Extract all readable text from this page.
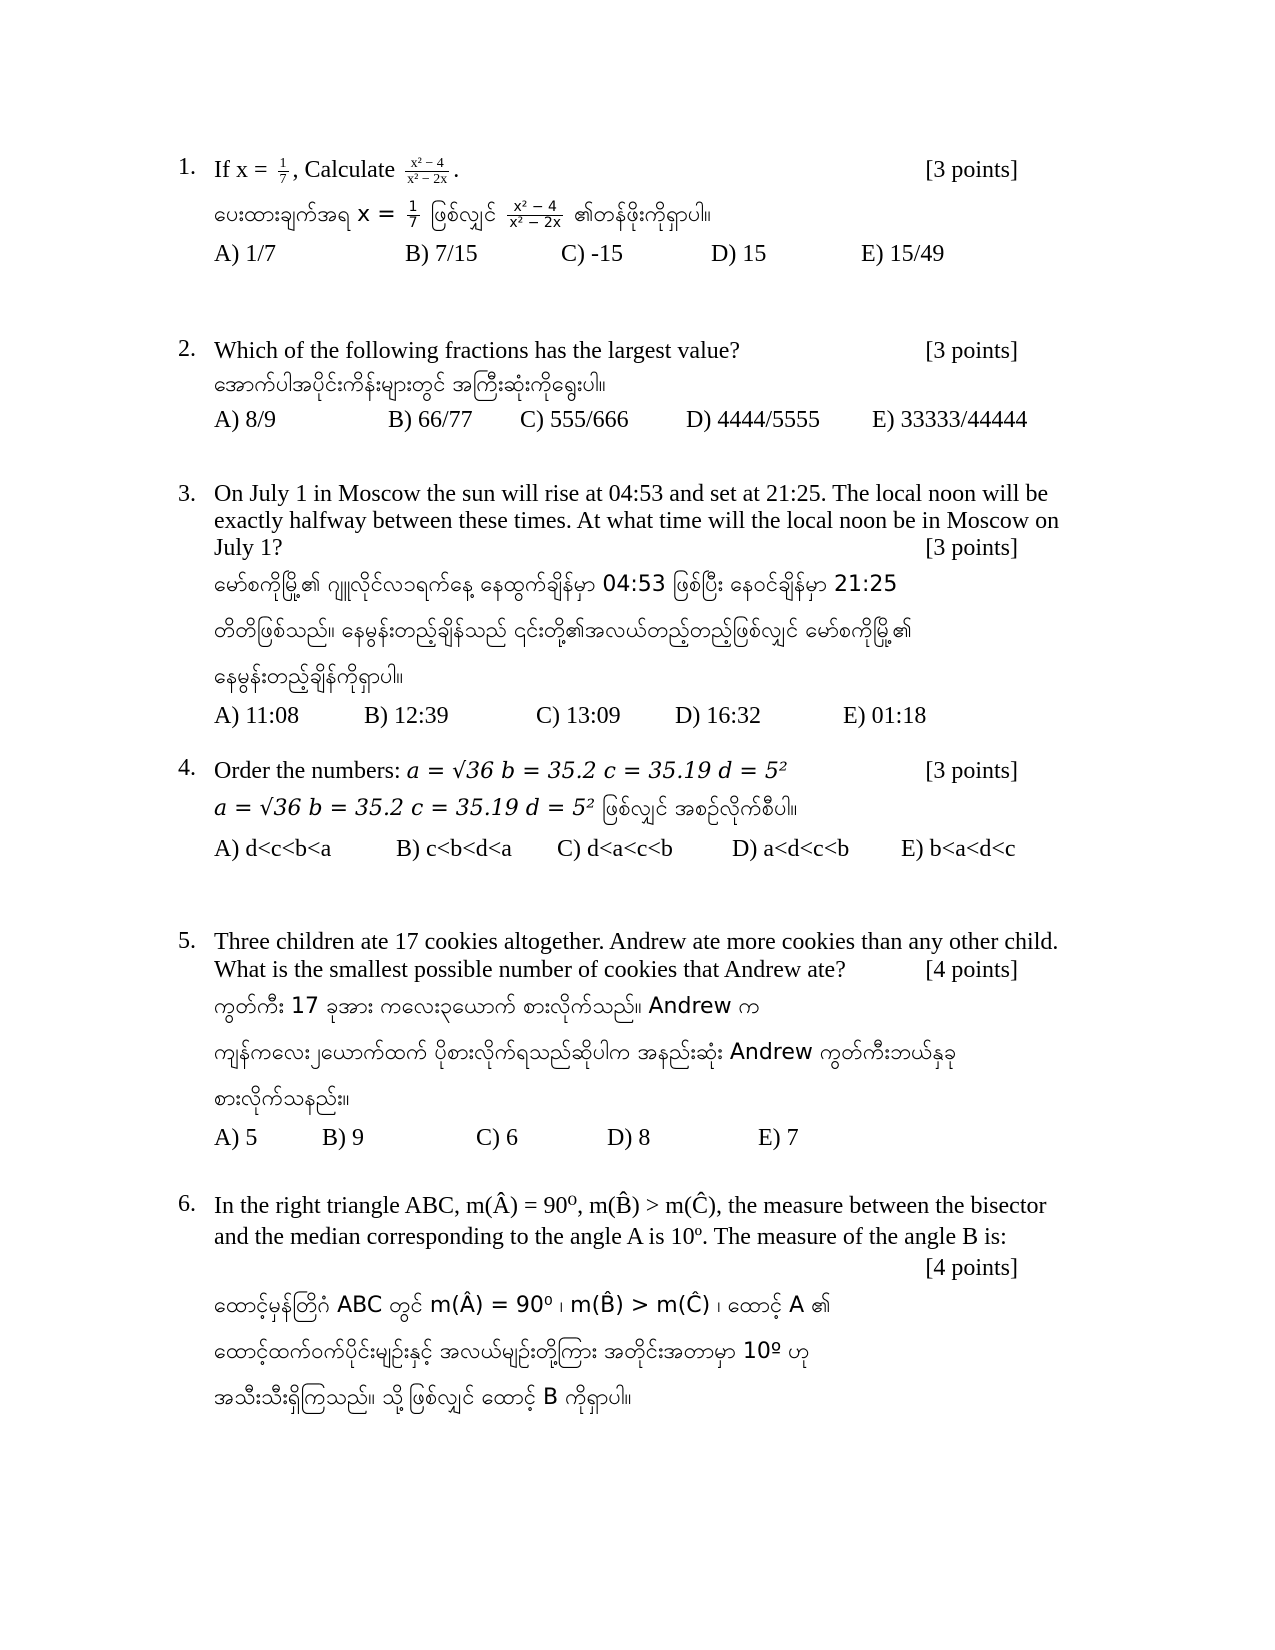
1. If $x = \frac{1}{7}$ , Calculate $\frac{\text{x² − 4}}{\text{x² − 2x}}$ .	[3 points]
ပေးထားချက်အရ $x = \frac{1}{7}$ ဖြစ်လျှင် $\frac{\text{x² − 4}}{\text{x² − 2x}}$ ၏တန်ဖိုးကိုရှာပါ။
A) 1/7	B) 7/15	C) -15	D) 15	E) 15/49
2. Which of the following fractions has the largest value?	[3 points]
အောက်ပါအပိုင်းကိန်းများတွင် အကြီးဆုံးကိုရွေးပါ။
A) 8/9	B) 66/77 C) 555/666 D) 4444/5555 E) 33333/44444
3. On July 1 in Moscow the sun will rise at 04:53 and set at 21:25. The local noon will be
exactly halfway between these times. At what time will the local noon be in Moscow on
July 1?	[3 points]
မော်စကိုမြို့၏ ဂျူလိုင်လ၁ရက်နေ့ နေထွက်ချိန်မှာ 04:53 ဖြစ်ပြီး နေဝင်ချိန်မှာ 21:25
တိတိဖြစ်သည်။ နေမွန်းတည့်ချိန်သည် ၎င်းတို့၏အလယ်တည့်တည့်ဖြစ်လျှင် မော်စကိုမြို့၏
နေမွန်းတည့်ချိန်ကိုရှာပါ။
A) 11:08	B) 12:39	C) 13:09 D) 16:32	E) 01:18
4. Order the numbers: a = √36 b = 35.2 c = 35.19 d = 5²	[3 points]
a = √36 b = 35.2 c = 35.19 d = 5² ဖြစ်လျှင် အစဉ်လိုက်စီပါ။
A) d<c<b<a	B) c<b<d<a C) d<a<c<b D) a<d<c<b E) b<a<d<c
5. Three children ate 17 cookies altogether. Andrew ate more cookies than any other child.
What is the smallest possible number of cookies that Andrew ate?	[4 points]
ကွတ်ကီး 17 ခုအား ကလေး၃ယောက် စားလိုက်သည်။ Andrew က
ကျန်ကလေး၂ယောက်ထက် ပိုစားလိုက်ရသည်ဆိုပါက အနည်းဆုံး Andrew ကွတ်ကီးဘယ်နှခု
စားလိုက်သနည်း။
A) 5	B) 9	C) 6	D) 8	E) 7
6. In the right triangle ABC, m(Â) = 90⁰, m(B̂) > m(Ĉ), the measure between the bisector
and the median corresponding to the angle A is 10º. The measure of the angle B is:
[4 points]
ထောင့်မှန်တြိဂံ ABC တွင် m(Â) = 90⁰ ၊ m(B̂) > m(Ĉ) ၊ ထောင့် A ၏
ထောင့်ထက်ဝက်ပိုင်းမျဉ်းနှင့် အလယ်မျဉ်းတို့ကြား အတိုင်းအတာမှာ 10º ဟု
အသီးသီးရှိကြသည်။ သို့ဖြစ်လျှင် ထောင့် B ကိုရှာပါ။
